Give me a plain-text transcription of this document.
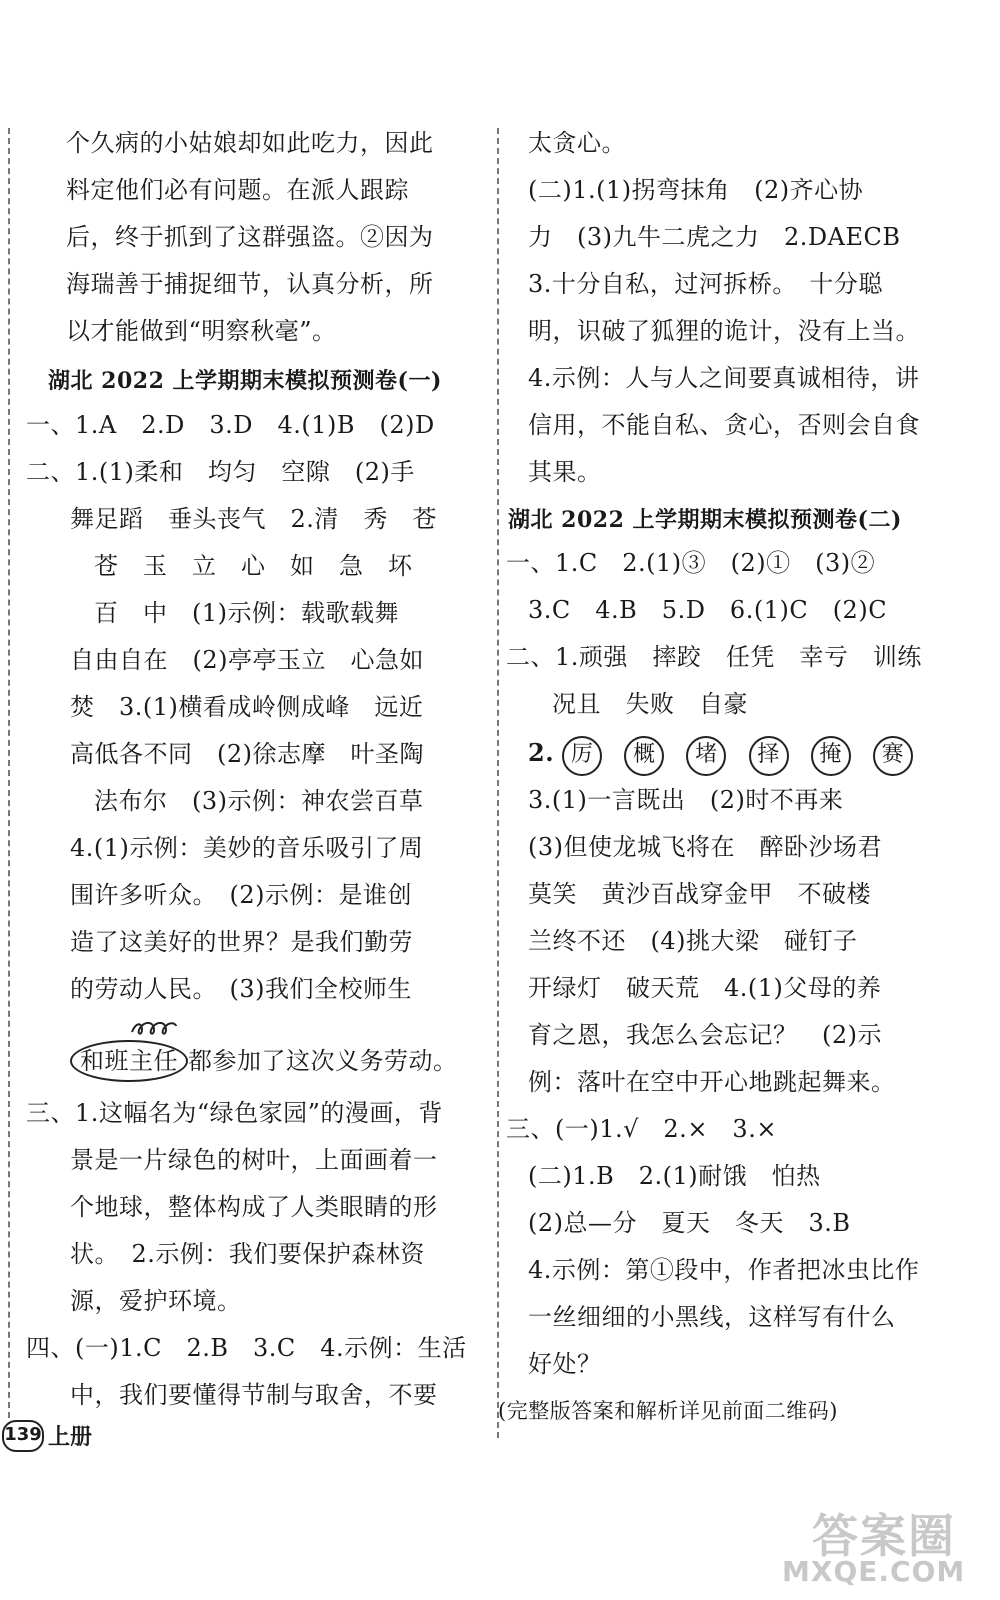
个久病的小姑娘却如此吃力，因此
料定他们必有问题。在派人跟踪
后，终于抓到了这群强盗。②因为
海瑞善于捕捉细节，认真分析，所
以才能做到“明察秋毫”。
湖北 2022 上学期期末模拟预测卷(一)
一、1.A　2.D　3.D　4.(1)B　(2)D
二、1.(1)柔和　均匀　空隙　(2)手
舞足蹈　垂头丧气　2.清　秀　苍
苍　玉　立　心　如　急　坏
百　中　(1)示例：载歌载舞
自由自在　(2)亭亭玉立　心急如
焚　3.(1)横看成岭侧成峰　远近
高低各不同　(2)徐志摩　叶圣陶
法布尔　(3)示例：神农尝百草
4.(1)示例：美妙的音乐吸引了周
围许多听众。　(2)示例：是谁创
造了这美好的世界？是我们勤劳
的劳动人民。　(3)我们全校师生
和班主任 都参加了这次义务劳动。
三、1.这幅名为“绿色家园”的漫画，背
景是一片绿色的树叶，上面画着一
个地球，整体构成了人类眼睛的形
状。　2.示例：我们要保护森林资
源，爱护环境。
四、(一)1.C　2.B　3.C　4.示例：生活
中，我们要懂得节制与取舍，不要
太贪心。
(二)1.(1)拐弯抹角　(2)齐心协
力　(3)九牛二虎之力　2.DAECB
3.十分自私，过河拆桥。　十分聪
明，识破了狐狸的诡计，没有上当。
4.示例：人与人之间要真诚相待，讲
信用，不能自私、贪心，否则会自食
其果。
湖北 2022 上学期期末模拟预测卷(二)
一、1.C　2.(1)③　(2)①　(3)②
3.C　4.B　5.D　6.(1)C　(2)C
二、1.顽强　摔跤　任凭　幸亏　训练
况且　失败　自豪
2. 厉 概 堵 择 掩 赛
3.(1)一言既出　(2)时不再来
(3)但使龙城飞将在　醉卧沙场君
莫笑　黄沙百战穿金甲　不破楼
兰终不还　(4)挑大梁　碰钉子
开绿灯　破天荒　4.(1)父母的养
育之恩，我怎么会忘记？　(2)示
例：落叶在空中开心地跳起舞来。
三、(一)1.√　2.×　3.×
(二)1.B　2.(1)耐饿　怕热
(2)总—分　夏天　冬天　3.B
4.示例：第①段中，作者把冰虫比作
一丝细细的小黑线，这样写有什么
好处？
(完整版答案和解析详见前面二维码)
139 上册
答案圈
MXQE.COM
